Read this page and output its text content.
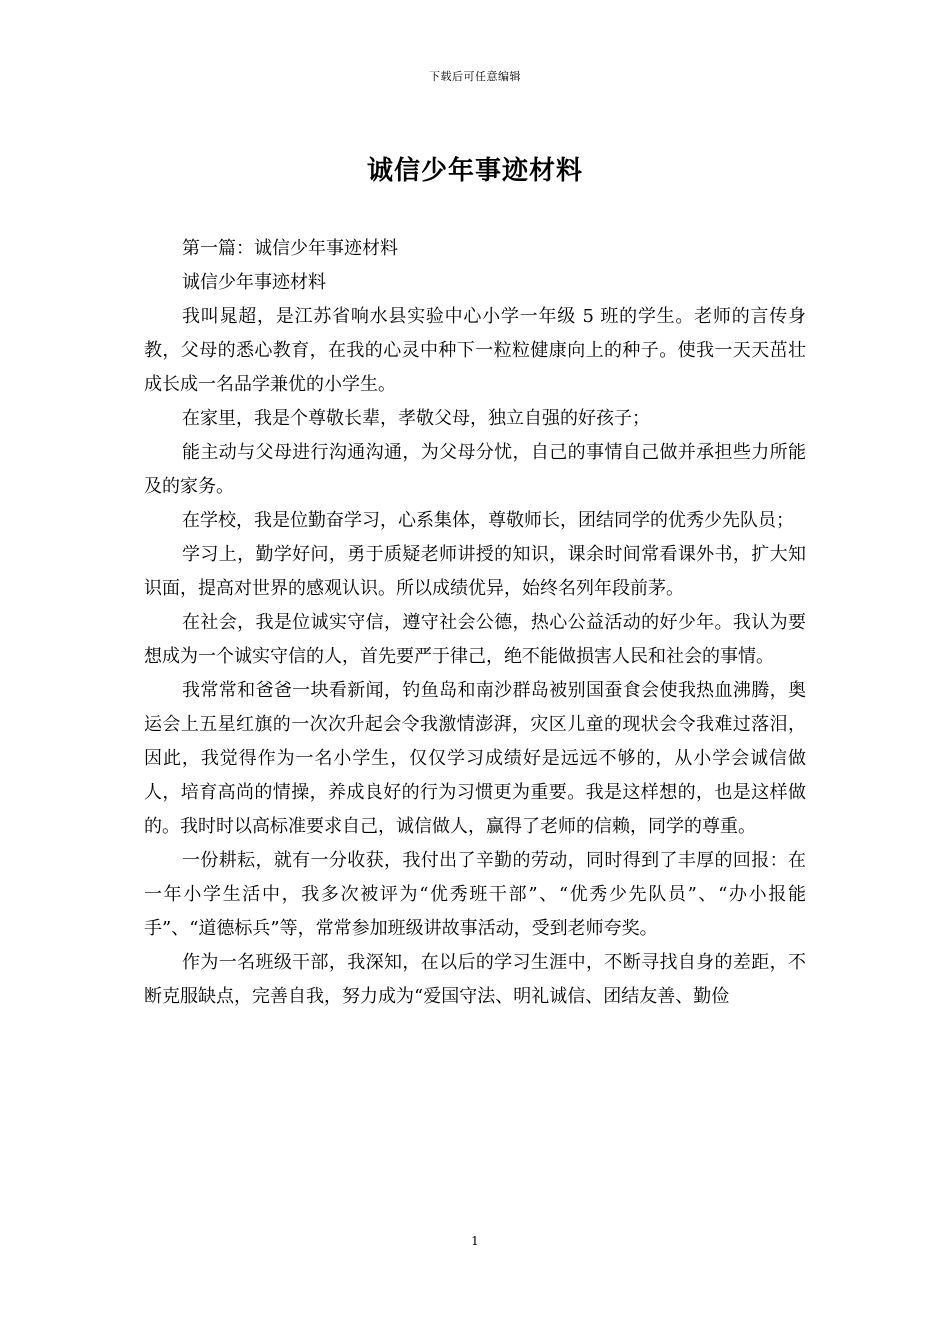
下载后可任意编辑
诚信少年事迹材料

第一篇：诚信少年事迹材料

诚信少年事迹材料

我叫晁超，是江苏省响水县实验中心小学一年级 5 班的学生。老师的言传身教，父母的悉心教育，在我的心灵中种下一粒粒健康向上的种子。使我一天天茁壮成长成一名品学兼优的小学生。

在家里，我是个尊敬长辈，孝敬父母，独立自强的好孩子；

能主动与父母进行沟通沟通，为父母分忧，自己的事情自己做并承担些力所能及的家务。

在学校，我是位勤奋学习，心系集体，尊敬师长，团结同学的优秀少先队员；

学习上，勤学好问，勇于质疑老师讲授的知识，课余时间常看课外书，扩大知识面，提高对世界的感观认识。所以成绩优异，始终名列年段前茅。

在社会，我是位诚实守信，遵守社会公德，热心公益活动的好少年。我认为要想成为一个诚实守信的人，首先要严于律己，绝不能做损害人民和社会的事情。

我常常和爸爸一块看新闻，钓鱼岛和南沙群岛被别国蚕食会使我热血沸腾，奥运会上五星红旗的一次次升起会令我激情澎湃，灾区儿童的现状会令我难过落泪，因此，我觉得作为一名小学生，仅仅学习成绩好是远远不够的，从小学会诚信做人，培育高尚的情操，养成良好的行为习惯更为重要。我是这样想的，也是这样做的。我时时以高标准要求自己，诚信做人，赢得了老师的信赖，同学的尊重。

一份耕耘，就有一分收获，我付出了辛勤的劳动，同时得到了丰厚的回报：在一年小学生活中，我多次被评为“优秀班干部”、“优秀少先队员”、“办小报能手”、“道德标兵”等，常常参加班级讲故事活动，受到老师夸奖。

作为一名班级干部，我深知，在以后的学习生涯中，不断寻找自身的差距，不断克服缺点，完善自我，努力成为“爱国守法、明礼诚信、团结友善、勤俭

1
